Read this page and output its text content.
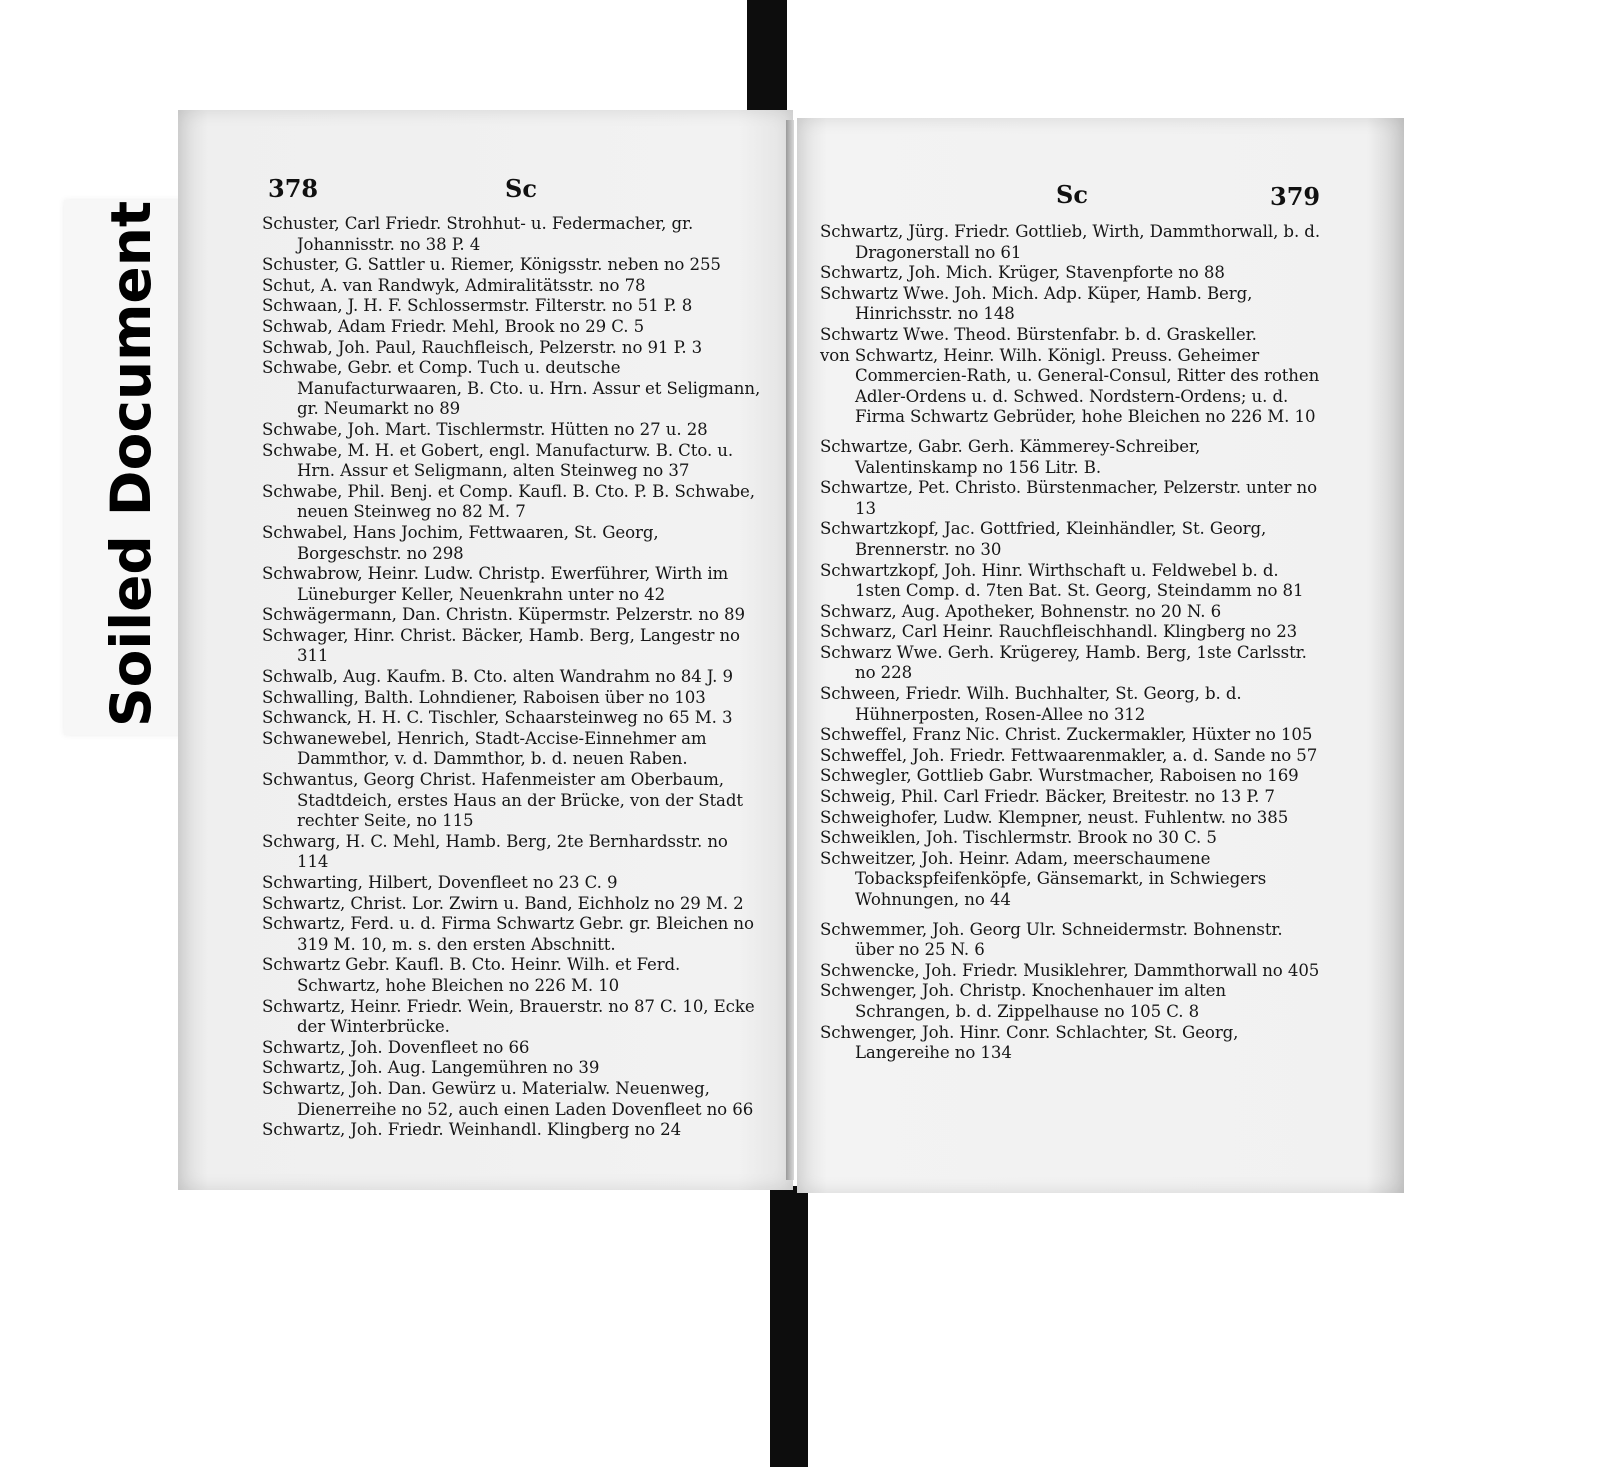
Soiled Document
378	Sc	Sc	379
Schuster, Carl Friedr. Strohhut- u. Federmacher, gr. Johannisstr. no 38 P. 4
Schuster, G. Sattler u. Riemer, Königsstr. neben no 255
Schut, A. van Randwyk, Admiralitätsstr. no 78
Schwaan, J. H. F. Schlossermstr. Filterstr. no 51 P. 8
Schwab, Adam Friedr. Mehl, Brook no 29 C. 5
Schwab, Joh. Paul, Rauchfleisch, Pelzerstr. no 91 P. 3
Schwabe, Gebr. et Comp. Tuch u. deutsche Manufacturwaaren, B. Cto. u. Hrn. Assur et Seligmann, gr. Neumarkt no 89
Schwabe, Joh. Mart. Tischlermstr. Hütten no 27 u. 28
Schwabe, M. H. et Gobert, engl. Manufacturw. B. Cto. u. Hrn. Assur et Seligmann, alten Steinweg no 37
Schwabe, Phil. Benj. et Comp. Kaufl. B. Cto. P. B. Schwabe, neuen Steinweg no 82 M. 7
Schwabel, Hans Jochim, Fettwaaren, St. Georg, Borgeschstr. no 298
Schwabrow, Heinr. Ludw. Christp. Ewerführer, Wirth im Lüneburger Keller, Neuenkrahn unter no 42
Schwägermann, Dan. Christn. Küpermstr. Pelzerstr. no 89
Schwager, Hinr. Christ. Bäcker, Hamb. Berg, Langestr no 311
Schwalb, Aug. Kaufm. B. Cto. alten Wandrahm no 84 J. 9
Schwalling, Balth. Lohndiener, Raboisen über no 103
Schwanck, H. H. C. Tischler, Schaarsteinweg no 65 M. 3
Schwanewebel, Henrich, Stadt-Accise-Einnehmer am Dammthor, v. d. Dammthor, b. d. neuen Raben.
Schwantus, Georg Christ. Hafenmeister am Oberbaum, Stadtdeich, erstes Haus an der Brücke, von der Stadt rechter Seite, no 115
Schwarg, H. C. Mehl, Hamb. Berg, 2te Bernhardsstr. no 114
Schwarting, Hilbert, Dovenfleet no 23 C. 9
Schwartz, Christ. Lor. Zwirn u. Band, Eichholz no 29 M. 2
Schwartz, Ferd. u. d. Firma Schwartz Gebr. gr. Bleichen no 319 M. 10, m. s. den ersten Abschnitt.
Schwartz Gebr. Kaufl. B. Cto. Heinr. Wilh. et Ferd. Schwartz, hohe Bleichen no 226 M. 10
Schwartz, Heinr. Friedr. Wein, Brauerstr. no 87 C. 10, Ecke der Winterbrücke.
Schwartz, Joh. Dovenfleet no 66
Schwartz, Joh. Aug. Langemühren no 39
Schwartz, Joh. Dan. Gewürz u. Materialw. Neuenweg, Dienerreihe no 52, auch einen Laden Dovenfleet no 66
Schwartz, Joh. Friedr. Weinhandl. Klingberg no 24
Schwartz, Jürg. Friedr. Gottlieb, Wirth, Dammthorwall, b. d. Dragonerstall no 61
Schwartz, Joh. Mich. Krüger, Stavenpforte no 88
Schwartz Wwe. Joh. Mich. Adp. Küper, Hamb. Berg, Hinrichsstr. no 148
Schwartz Wwe. Theod. Bürstenfabr. b. d. Graskeller.
von Schwartz, Heinr. Wilh. Königl. Preuss. Geheimer Commercien-Rath, u. General-Consul, Ritter des rothen Adler-Ordens u. d. Schwed. Nordstern-Ordens; u. d. Firma Schwartz Gebrüder, hohe Bleichen no 226 M. 10
Schwartze, Gabr. Gerh. Kämmerey-Schreiber, Valentinskamp no 156 Litr. B.
Schwartze, Pet. Christo. Bürstenmacher, Pelzerstr. unter no 13
Schwartzkopf, Jac. Gottfried, Kleinhändler, St. Georg, Brennerstr. no 30
Schwartzkopf, Joh. Hinr. Wirthschaft u. Feldwebel b. d. 1sten Comp. d. 7ten Bat. St. Georg, Steindamm no 81
Schwarz, Aug. Apotheker, Bohnenstr. no 20 N. 6
Schwarz, Carl Heinr. Rauchfleischhandl. Klingberg no 23
Schwarz Wwe. Gerh. Krügerey, Hamb. Berg, 1ste Carlsstr. no 228
Schween, Friedr. Wilh. Buchhalter, St. Georg, b. d. Hühnerposten, Rosen-Allee no 312
Schweffel, Franz Nic. Christ. Zuckermakler, Hüxter no 105
Schweffel, Joh. Friedr. Fettwaarenmakler, a. d. Sande no 57
Schwegler, Gottlieb Gabr. Wurstmacher, Raboisen no 169
Schweig, Phil. Carl Friedr. Bäcker, Breitestr. no 13 P. 7
Schweighofer, Ludw. Klempner, neust. Fuhlentw. no 385
Schweiklen, Joh. Tischlermstr. Brook no 30 C. 5
Schweitzer, Joh. Heinr. Adam, meerschaumene Tobackspfeifenköpfe, Gänsemarkt, in Schwiegers Wohnungen, no 44
Schwemmer, Joh. Georg Ulr. Schneidermstr. Bohnenstr. über no 25 N. 6
Schwencke, Joh. Friedr. Musiklehrer, Dammthorwall no 405
Schwenger, Joh. Christp. Knochenhauer im alten Schrangen, b. d. Zippelhause no 105 C. 8
Schwenger, Joh. Hinr. Conr. Schlachter, St. Georg, Langereihe no 134
